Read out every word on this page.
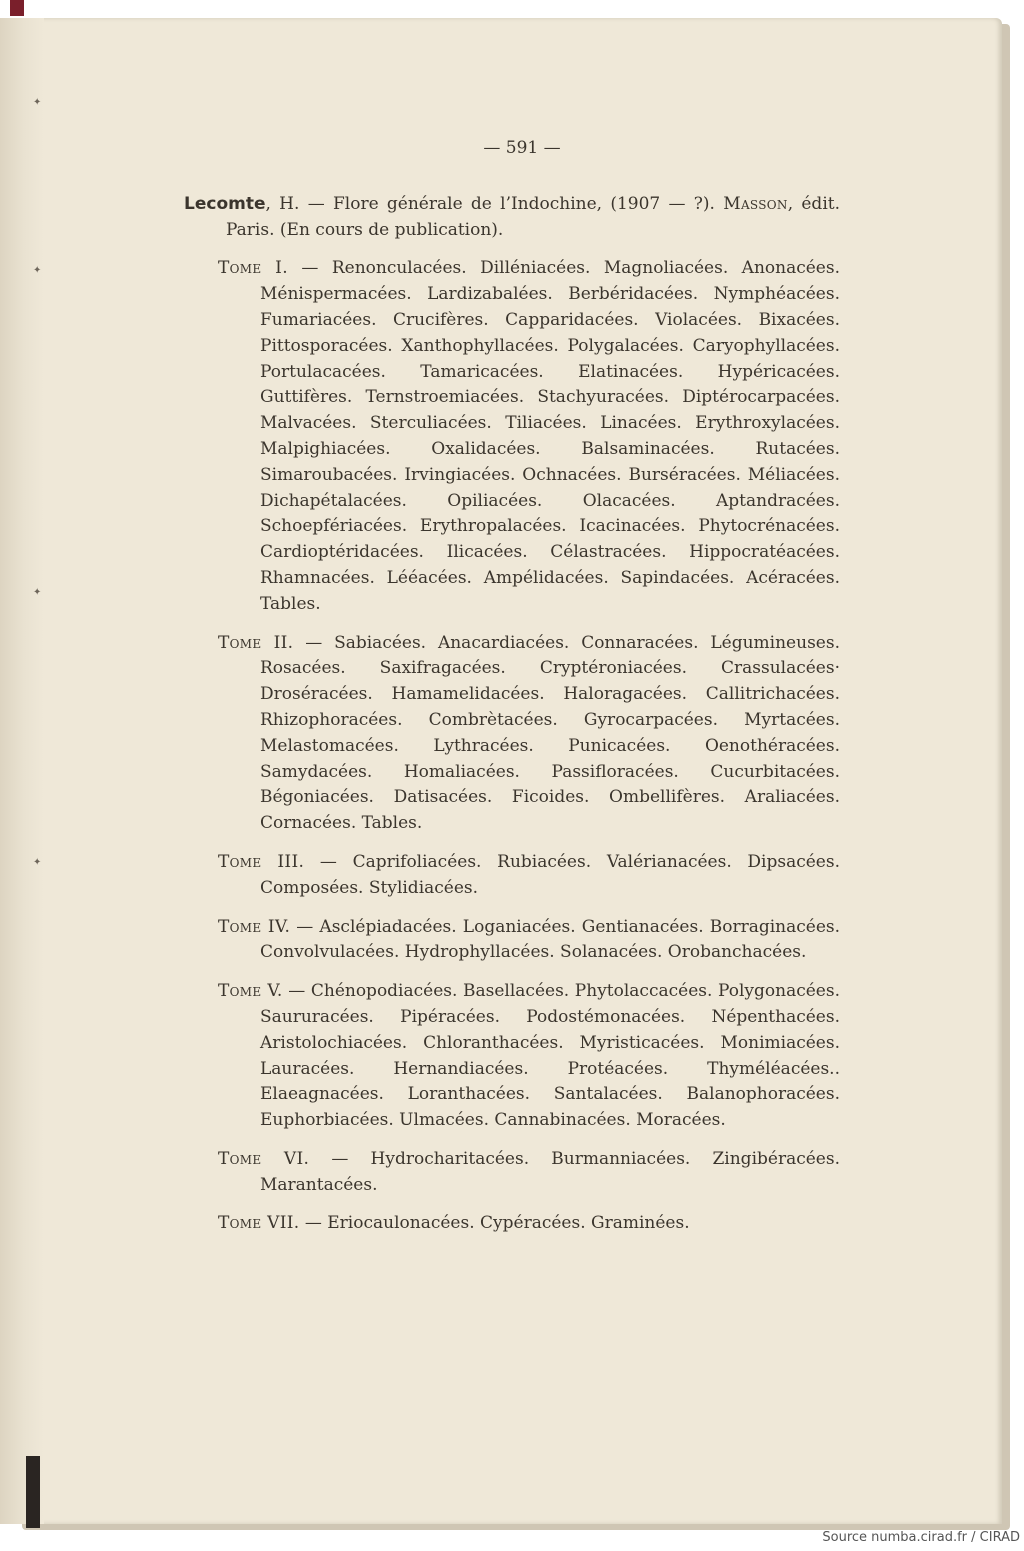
✦
✦
✦
✦
— 591 —

Lecomte, H. — Flore générale de l’Indochine, (1907 — ?). Masson, édit. Paris. (En cours de publication).

Tome I. — Renonculacées. Dilléniacées. Magnoliacées. Anonacées. Ménispermacées. Lardizabalées. Berbéridacées. Nymphéacées. Fumariacées. Crucifères. Capparidacées. Violacées. Bixacées. Pittosporacées. Xanthophyllacées. Polygalacées. Caryophyllacées. Portulacacées. Tamaricacées. Elatinacées. Hypéricacées. Guttifères. Ternstroemiacées. Stachyuracées. Diptérocarpacées. Malvacées. Sterculiacées. Tiliacées. Linacées. Erythroxylacées. Malpighiacées. Oxalidacées. Balsaminacées. Rutacées. Simaroubacées. Irvingiacées. Ochnacées. Burséracées. Méliacées. Dichapétalacées. Opiliacées. Olacacées. Aptandracées. Schoepfériacées. Erythropalacées. Icacinacées. Phytocrénacées. Cardioptéridacées. Ilicacées. Célastracées. Hippocratéacées. Rhamnacées. Lééacées. Ampélidacées. Sapindacées. Acéracées. Tables.

Tome II. — Sabiacées. Anacardiacées. Connaracées. Légumineuses. Rosacées. Saxifragacées. Cryptéroniacées. Crassulacées· Droséracées. Hamamelidacées. Haloragacées. Callitrichacées. Rhizophoracées. Combrètacées. Gyrocarpacées. Myrtacées. Melastomacées. Lythracées. Punicacées. Oenothéracées. Samydacées. Homaliacées. Passifloracées. Cucurbitacées. Bégoniacées. Datisacées. Ficoides. Ombellifères. Araliacées. Cornacées. Tables.

Tome III. — Caprifoliacées. Rubiacées. Valérianacées. Dipsacées. Composées. Stylidiacées.

Tome IV. — Asclépiadacées. Loganiacées. Gentianacées. Borraginacées. Convolvulacées. Hydrophyllacées. Solanacées. Orobanchacées.

Tome V. — Chénopodiacées. Basellacées. Phytolaccacées. Polygonacées. Saururacées. Pipéracées. Podostémonacées. Népenthacées. Aristolochiacées. Chloranthacées. Myristicacées. Monimiacées. Lauracées. Hernandiacées. Protéacées. Thyméléacées.. Elaeagnacées. Loranthacées. Santalacées. Balanophoracées. Euphorbiacées. Ulmacées. Cannabinacées. Moracées.

Tome VI. — Hydrocharitacées. Burmanniacées. Zingibéracées. Marantacées.

Tome VII. — Eriocaulonacées. Cypéracées. Graminées.

Source numba.cirad.fr / CIRAD
